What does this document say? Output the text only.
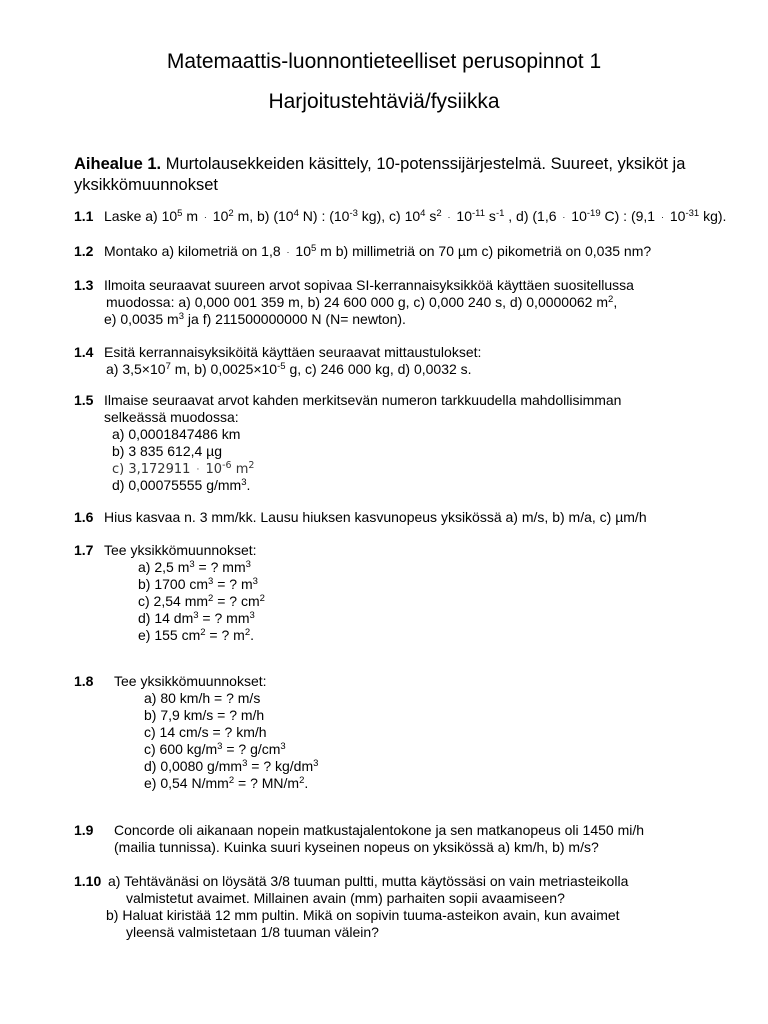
Matemaattis-luonnontieteelliset perusopinnot 1
Harjoitustehtäviä/fysiikka
Aihealue 1. Murtolausekkeiden käsittely, 10-potenssijärjestelmä. Suureet, yksiköt ja yksikkömuunnokset
1.1 Laske a) $10^5$ $m \cdot 10^2$ m, b) ($10^4$ N) : ($10^{-3}$ kg), c) $10^4$ $s^2 \cdot 10^{-11}$ $s^{-1}$ , d) ($1,6 \cdot 10^{-19}$ C) : ($9,1 \cdot 10^{-31}$ kg).
1.2 Montako a) kilometriä on $1,8 \cdot 10^5$ m b) millimetriä on 70 µm c) pikometriä on 0,035 nm?
1.3 Ilmoita seuraavat suureen arvot sopivaa SI-kerrannaisyksikköä käyttäen suositellussa
muodossa: a) 0,000 001 359 m, b) 24 600 000 g, c) 0,000 240 s, d) 0,0000062 $m^2$,
e) 0,0035 $m^3$ ja f) 211500000000 N (N= newton).
1.4 Esitä kerrannaisyksiköitä käyttäen seuraavat mittaustulokset:
a) $3,5\times 10^7$ m, b) $0,0025\times 10^{-5}$ g, c) 246 000 kg, d) 0,0032 s.
1.5 Ilmaise seuraavat arvot kahden merkitsevän numeron tarkkuudella mahdollisimman
selkeässä muodossa:
a) 0,0001847486 km
b) 3 835 612,4 µg
c) $3,172911 \cdot 10^{-6}$ $m^2$
d) 0,00075555 $g/mm^3$.
1.6 Hius kasvaa n. 3 mm/kk. Lausu hiuksen kasvunopeus yksikössä a) m/s, b) m/a, c) µm/h
1.7 Tee yksikkömuunnokset:
a) 2,5 $m^3$ = ? $mm^3$
b) 1700 $cm^3$ = ? $m^3$
c) 2,54 $mm^2$ = ? $cm^2$
d) 14 $dm^3$ = ? $mm^3$
e) 155 $cm^2$ = ? $m^2$.
1.8 Tee yksikkömuunnokset:
a) 80 km/h = ? m/s
b) 7,9 km/s = ? m/h
c) 14 cm/s = ? km/h
c) 600 $kg/m^3$ = ? $g/cm^3$
d) 0,0080 $g/mm^3$ = ? $kg/dm^3$
e) 0,54 $N/mm^2$ = ? $MN/m^2$.
1.9 Concorde oli aikanaan nopein matkustajalentokone ja sen matkanopeus oli 1450 mi/h
(mailia tunnissa). Kuinka suuri kyseinen nopeus on yksikössä a) km/h, b) m/s?
1.10 a) Tehtävänäsi on löysätä 3/8 tuuman pultti, mutta käytössäsi on vain metriasteikolla
valmistetut avaimet. Millainen avain (mm) parhaiten sopii avaamiseen?
b) Haluat kiristää 12 mm pultin. Mikä on sopivin tuuma-asteikon avain, kun avaimet
yleensä valmistetaan 1/8 tuuman välein?
